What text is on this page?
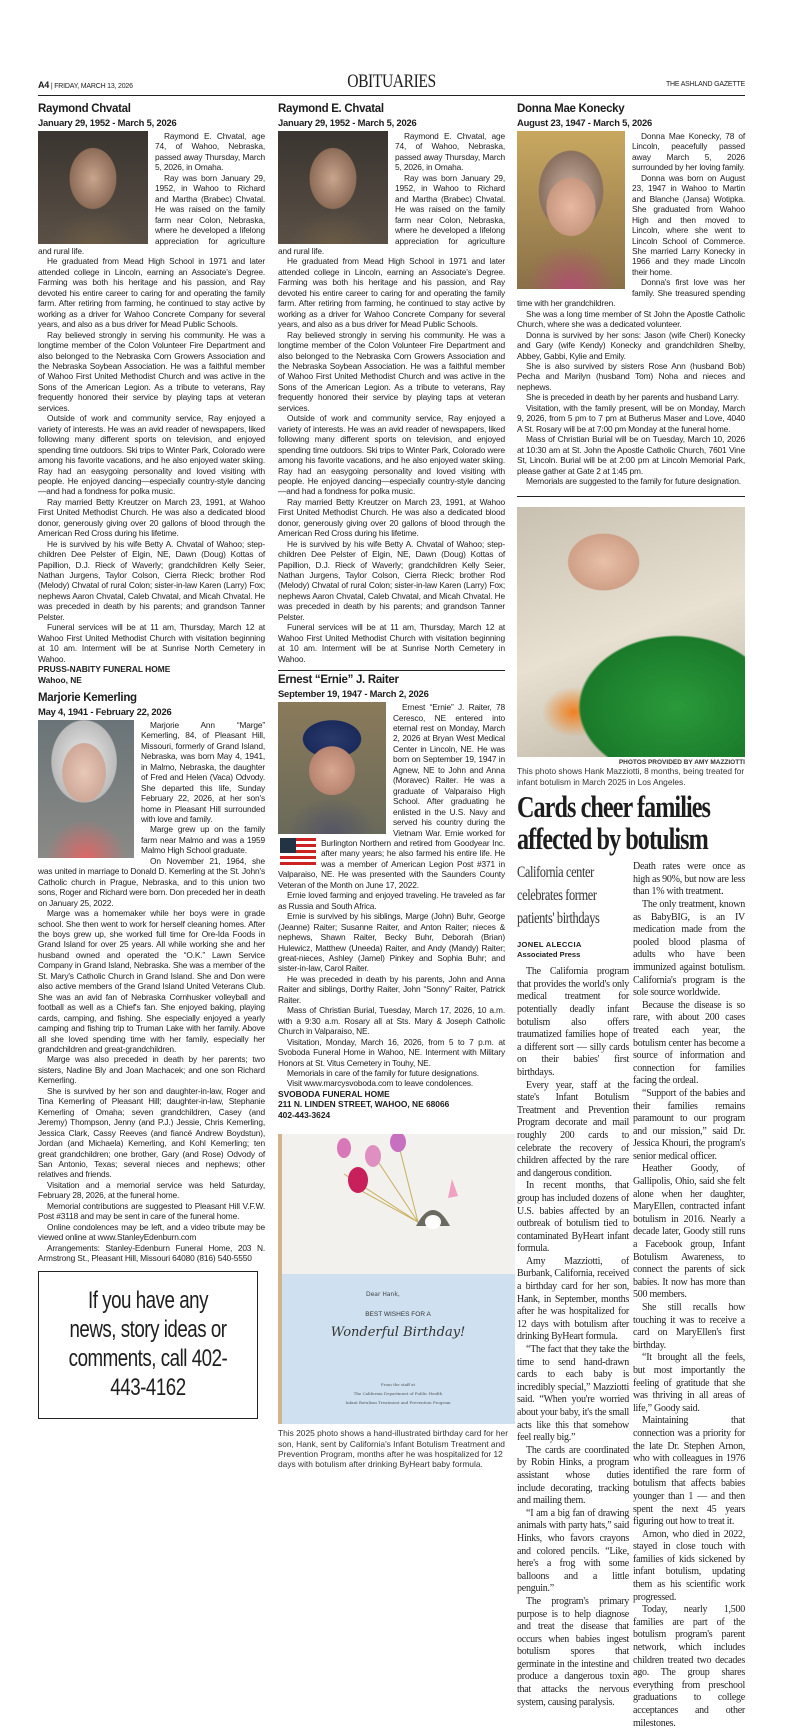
A4 | FRIDAY, MARCH 13, 2026	OBITUARIES	THE ASHLAND GAZETTE
Raymond Chvatal
January 29, 1952 - March 5, 2026

Raymond E. Chvatal, age 74, of Wahoo, Nebraska, passed away Thursday, March 5, 2026, in Omaha.

Ray was born January 29, 1952, in Wahoo to Richard and Martha (Brabec) Chvatal. He was raised on the family farm near Colon, Nebraska, where he developed a lifelong appreciation for agriculture and rural life.

He graduated from Mead High School in 1971 and later attended college in Lincoln, earning an Associate's Degree. Farming was both his heritage and his passion, and Ray devoted his entire career to caring for and operating the family farm. After retiring from farming, he continued to stay active by working as a driver for Wahoo Concrete Company for several years, and also as a bus driver for Mead Public Schools.

Ray believed strongly in serving his community. He was a longtime member of the Colon Volunteer Fire Department and also belonged to the Nebraska Corn Growers Association and the Nebraska Soybean Association. He was a faithful member of Wahoo First United Methodist Church and was active in the Sons of the American Legion. As a tribute to veterans, Ray frequently honored their service by playing taps at veteran services.

Outside of work and community service, Ray enjoyed a variety of interests. He was an avid reader of newspapers, liked following many different sports on television, and enjoyed spending time outdoors. Ski trips to Winter Park, Colorado were among his favorite vacations, and he also enjoyed water skiing. Ray had an easygoing personality and loved visiting with people. He enjoyed dancing—especially country-style dancing—and had a fondness for polka music.

Ray married Betty Kreutzer on March 23, 1991, at Wahoo First United Methodist Church. He was also a dedicated blood donor, generously giving over 20 gallons of blood through the American Red Cross during his lifetime.

He is survived by his wife Betty A. Chvatal of Wahoo; step-children Dee Pelster of Elgin, NE, Dawn (Doug) Kottas of Papillion, D.J. Rieck of Waverly; grandchildren Kelly Seier, Nathan Jurgens, Taylor Colson, Cierra Rieck; brother Rod (Melody) Chvatal of rural Colon; sister-in-law Karen (Larry) Fox; nephews Aaron Chvatal, Caleb Chvatal, and Micah Chvatal. He was preceded in death by his parents; and grandson Tanner Pelster.

Funeral services will be at 11 am, Thursday, March 12 at Wahoo First United Methodist Church with visitation beginning at 10 am. Interment will be at Sunrise North Cemetery in Wahoo.

PRUSS-NABITY FUNERAL HOME
Wahoo, NE
Marjorie Kemerling
May 4, 1941 - February 22, 2026

Marjorie Ann “Marge” Kemerling, 84, of Pleasant Hill, Missouri, formerly of Grand Island, Nebraska, was born May 4, 1941, in Malmo, Nebraska, the daughter of Fred and Helen (Vaca) Odvody. She departed this life, Sunday February 22, 2026, at her son's home in Pleasant Hill surrounded with love and family.

Marge grew up on the family farm near Malmo and was a 1959 Malmo High School graduate.

On November 21, 1964, she was united in marriage to Donald D. Kemerling at the St. John's Catholic church in Prague, Nebraska, and to this union two sons, Roger and Richard were born. Don preceded her in death on January 25, 2022.

Marge was a homemaker while her boys were in grade school. She then went to work for herself cleaning homes. After the boys grew up, she worked full time for Ore-Ida Foods in Grand Island for over 25 years. All while working she and her husband owned and operated the “O.K.” Lawn Service Company in Grand Island, Nebraska. She was a member of the St. Mary's Catholic Church in Grand Island. She and Don were also active members of the Grand Island United Veterans Club. She was an avid fan of Nebraska Cornhusker volleyball and football as well as a Chief's fan. She enjoyed baking, playing cards, camping, and fishing. She especially enjoyed a yearly camping and fishing trip to Truman Lake with her family. Above all she loved spending time with her family, especially her grandchildren and great-grandchildren.

Marge was also preceded in death by her parents; two sisters, Nadine Bly and Joan Machacek; and one son Richard Kemerling.

She is survived by her son and daughter-in-law, Roger and Tina Kemerling of Pleasant Hill; daughter-in-law, Stephanie Kemerling of Omaha; seven grandchildren, Casey (and Jeremy) Thompson, Jenny (and P.J.) Jessie, Chris Kemerling, Jessica Clark, Cassy Reeves (and fiancé Andrew Boydstun), Jordan (and Michaela) Kemerling, and Kohl Kemerling; ten great grandchildren; one brother, Gary (and Rose) Odvody of San Antonio, Texas; several nieces and nephews; other relatives and friends.

Visitation and a memorial service was held Saturday, February 28, 2026, at the funeral home.

Memorial contributions are suggested to Pleasant Hill V.F.W. Post #3118 and may be sent in care of the funeral home.

Online condolences may be left, and a video tribute may be viewed online at www.StanleyEdenburn.com

Arrangements: Stanley-Edenburn Funeral Home, 203 N. Armstrong St., Pleasant Hill, Missouri 64080 (816) 540-5550

If you have any news, story ideas or comments, call 402-443-4162
Raymond E. Chvatal
January 29, 1952 - March 5, 2026

Raymond E. Chvatal, age 74, of Wahoo, Nebraska, passed away Thursday, March 5, 2026, in Omaha.

Ray was born January 29, 1952, in Wahoo to Richard and Martha (Brabec) Chvatal. He was raised on the family farm near Colon, Nebraska, where he developed a lifelong appreciation for agriculture and rural life.

He graduated from Mead High School in 1971 and later attended college in Lincoln, earning an Associate's Degree. Farming was both his heritage and his passion, and Ray devoted his entire career to caring for and operating the family farm. After retiring from farming, he continued to stay active by working as a driver for Wahoo Concrete Company for several years, and also as a bus driver for Mead Public Schools.

Ray believed strongly in serving his community. He was a longtime member of the Colon Volunteer Fire Department and also belonged to the Nebraska Corn Growers Association and the Nebraska Soybean Association. He was a faithful member of Wahoo First United Methodist Church and was active in the Sons of the American Legion. As a tribute to veterans, Ray frequently honored their service by playing taps at veteran services.

Outside of work and community service, Ray enjoyed a variety of interests. He was an avid reader of newspapers, liked following many different sports on television, and enjoyed spending time outdoors. Ski trips to Winter Park, Colorado were among his favorite vacations, and he also enjoyed water skiing. Ray had an easygoing personality and loved visiting with people. He enjoyed dancing—especially country-style dancing—and had a fondness for polka music.

Ray married Betty Kreutzer on March 23, 1991, at Wahoo First United Methodist Church. He was also a dedicated blood donor, generously giving over 20 gallons of blood through the American Red Cross during his lifetime.

He is survived by his wife Betty A. Chvatal of Wahoo; step-children Dee Pelster of Elgin, NE, Dawn (Doug) Kottas of Papillion, D.J. Rieck of Waverly; grandchildren Kelly Seier, Nathan Jurgens, Taylor Colson, Cierra Rieck; brother Rod (Melody) Chvatal of rural Colon; sister-in-law Karen (Larry) Fox; nephews Aaron Chvatal, Caleb Chvatal, and Micah Chvatal. He was preceded in death by his parents; and grandson Tanner Pelster.

Funeral services will be at 11 am, Thursday, March 12 at Wahoo First United Methodist Church with visitation beginning at 10 am. Interment will be at Sunrise North Cemetery in Wahoo.

Ernest “Ernie” J. Raiter
September 19, 1947 - March 2, 2026

Ernest “Ernie” J. Raiter, 78 Ceresco, NE entered into eternal rest on Monday, March 2, 2026 at Bryan West Medical Center in Lincoln, NE. He was born on September 19, 1947 in Agnew, NE to John and Anna (Moravec) Raiter. He was a graduate of Valparaiso High School. After graduating he enlisted in the U.S. Navy and served his country during the Vietnam War. Ernie worked for Burlington Northern and retired from Goodyear Inc. after many years; he also farmed his entire life. He was a member of American Legion Post #371 in Valparaiso, NE. He was presented with the Saunders County Veteran of the Month on June 17, 2022.

Ernie loved farming and enjoyed traveling. He traveled as far as Russia and South Africa.

Ernie is survived by his siblings, Marge (John) Buhr, George (Jeanne) Raiter; Susanne Raiter, and Anton Raiter; nieces & nephews, Shawn Raiter, Becky Buhr, Deborah (Brian) Hulewicz, Matthew (Uneeda) Raiter, and Andy (Mandy) Raiter; great-nieces, Ashley (Jamel) Pinkey and Sophia Buhr; and sister-in-law, Carol Raiter.

He was preceded in death by his parents, John and Anna Raiter and siblings, Dorthy Raiter, John “Sonny” Raiter, Patrick Raiter.

Mass of Christian Burial, Tuesday, March 17, 2026, 10 a.m. with a 9:30 a.m. Rosary all at Sts. Mary & Joseph Catholic Church in Valparaiso, NE.

Visitation, Monday, March 16, 2026, from 5 to 7 p.m. at Svoboda Funeral Home in Wahoo, NE. Interment with Military Honors at St. Vitus Cemetery in Touhy, NE.

Memorials in care of the family for future designations.

Visit www.marcysvoboda.com to leave condolences.

SVOBODA FUNERAL HOME
211 N. LINDEN STREET, WAHOO, NE 68066
402-443-3624
Dear Hank,
BEST WISHES FOR A
Wonderful Birthday!
From the staff at
The California Department of Public Health
Infant Botulism Treatment and Prevention Program
This 2025 photo shows a hand-illustrated birthday card for her son, Hank, sent by California's Infant Botulism Treatment and Prevention Program, months after he was hospitalized for 12 days with botulism after drinking ByHeart baby formula.
Donna Mae Konecky
August 23, 1947 - March 5, 2026

Donna Mae Konecky, 78 of Lincoln, peacefully passed away March 5, 2026 surrounded by her loving family.

Donna was born on August 23, 1947 in Wahoo to Martin and Blanche (Jansa) Wotipka. She graduated from Wahoo High and then moved to Lincoln, where she went to Lincoln School of Commerce. She married Larry Konecky in 1966 and they made Lincoln their home.

Donna's first love was her family. She treasured spending time with her grandchildren.

She was a long time member of St John the Apostle Catholic Church, where she was a dedicated volunteer.

Donna is survived by her sons: Jason (wife Cheri) Konecky and Gary (wife Kendy) Konecky and grandchildren Shelby, Abbey, Gabbi, Kylie and Emily.

She is also survived by sisters Rose Ann (husband Bob) Pecha and Marilyn (husband Tom) Noha and nieces and nephews.

She is preceded in death by her parents and husband Larry.

Visitation, with the family present, will be on Monday, March 9, 2026, from 5 pm to 7 pm at Butherus Maser and Love, 4040 A St. Rosary will be at 7:00 pm Monday at the funeral home.

Mass of Christian Burial will be on Tuesday, March 10, 2026 at 10:30 am at St. John the Apostle Catholic Church, 7601 Vine St, Lincoln. Burial will be at 2:00 pm at Lincoln Memorial Park, please gather at Gate 2 at 1:45 pm.

Memorials are suggested to the family for future designation.

PHOTOS PROVIDED BY AMY MAZZIOTTI
This photo shows Hank Mazziotti, 8 months, being treated for infant botulism in March 2025 in Los Angeles.
Cards cheer families
affected by botulism
California center
celebrates former
patients' birthdays
JONEL ALECCIA
Associated Press

The California program that provides the world's only medical treatment for potentially deadly infant botulism also offers traumatized families hope of a different sort — silly cards on their babies' first birthdays.

Every year, staff at the state's Infant Botulism Treatment and Prevention Program decorate and mail roughly 200 cards to celebrate the recovery of children affected by the rare and dangerous condition.

In recent months, that group has included dozens of U.S. babies affected by an outbreak of botulism tied to contaminated ByHeart infant formula.

Amy Mazziotti, of Burbank, California, received a birthday card for her son, Hank, in September, months after he was hospitalized for 12 days with botulism after drinking ByHeart formula.

“The fact that they take the time to send hand-drawn cards to each baby is incredibly special,” Mazziotti said. “When you're worried about your baby, it's the small acts like this that somehow feel really big.”

The cards are coordinated by Robin Hinks, a program assistant whose duties include decorating, tracking and mailing them.

“I am a big fan of drawing animals with party hats,” said Hinks, who favors crayons and colored pencils. “Like, here's a frog with some balloons and a little penguin.”

The program's primary purpose is to help diagnose and treat the disease that occurs when babies ingest botulism spores that germinate in the intestine and produce a dangerous toxin that attacks the nervous system, causing paralysis.

Death rates were once as high as 90%, but now are less than 1% with treatment.

The only treatment, known as BabyBIG, is an IV medication made from the pooled blood plasma of adults who have been immunized against botulism. California's program is the sole source worldwide.

Because the disease is so rare, with about 200 cases treated each year, the botulism center has become a source of information and connection for families facing the ordeal.

“Support of the babies and their families remains paramount to our program and our mission,” said Dr. Jessica Khouri, the program's senior medical officer.

Heather Goody, of Gallipolis, Ohio, said she felt alone when her daughter, MaryEllen, contracted infant botulism in 2016. Nearly a decade later, Goody still runs a Facebook group, Infant Botulism Awareness, to connect the parents of sick babies. It now has more than 500 members.

She still recalls how touching it was to receive a card on MaryEllen's first birthday.

“It brought all the feels, but most importantly the feeling of gratitude that she was thriving in all areas of life,” Goody said.

Maintaining that connection was a priority for the late Dr. Stephen Arnon, who with colleagues in 1976 identified the rare form of botulism that affects babies younger than 1 — and then spent the next 45 years figuring out how to treat it.

Arnon, who died in 2022, stayed in close touch with families of kids sickened by infant botulism, updating them as his scientific work progressed.

Today, nearly 1,500 families are part of the botulism program's parent network, which includes children treated two decades ago. The group shares everything from preschool graduations to college acceptances and other milestones.
